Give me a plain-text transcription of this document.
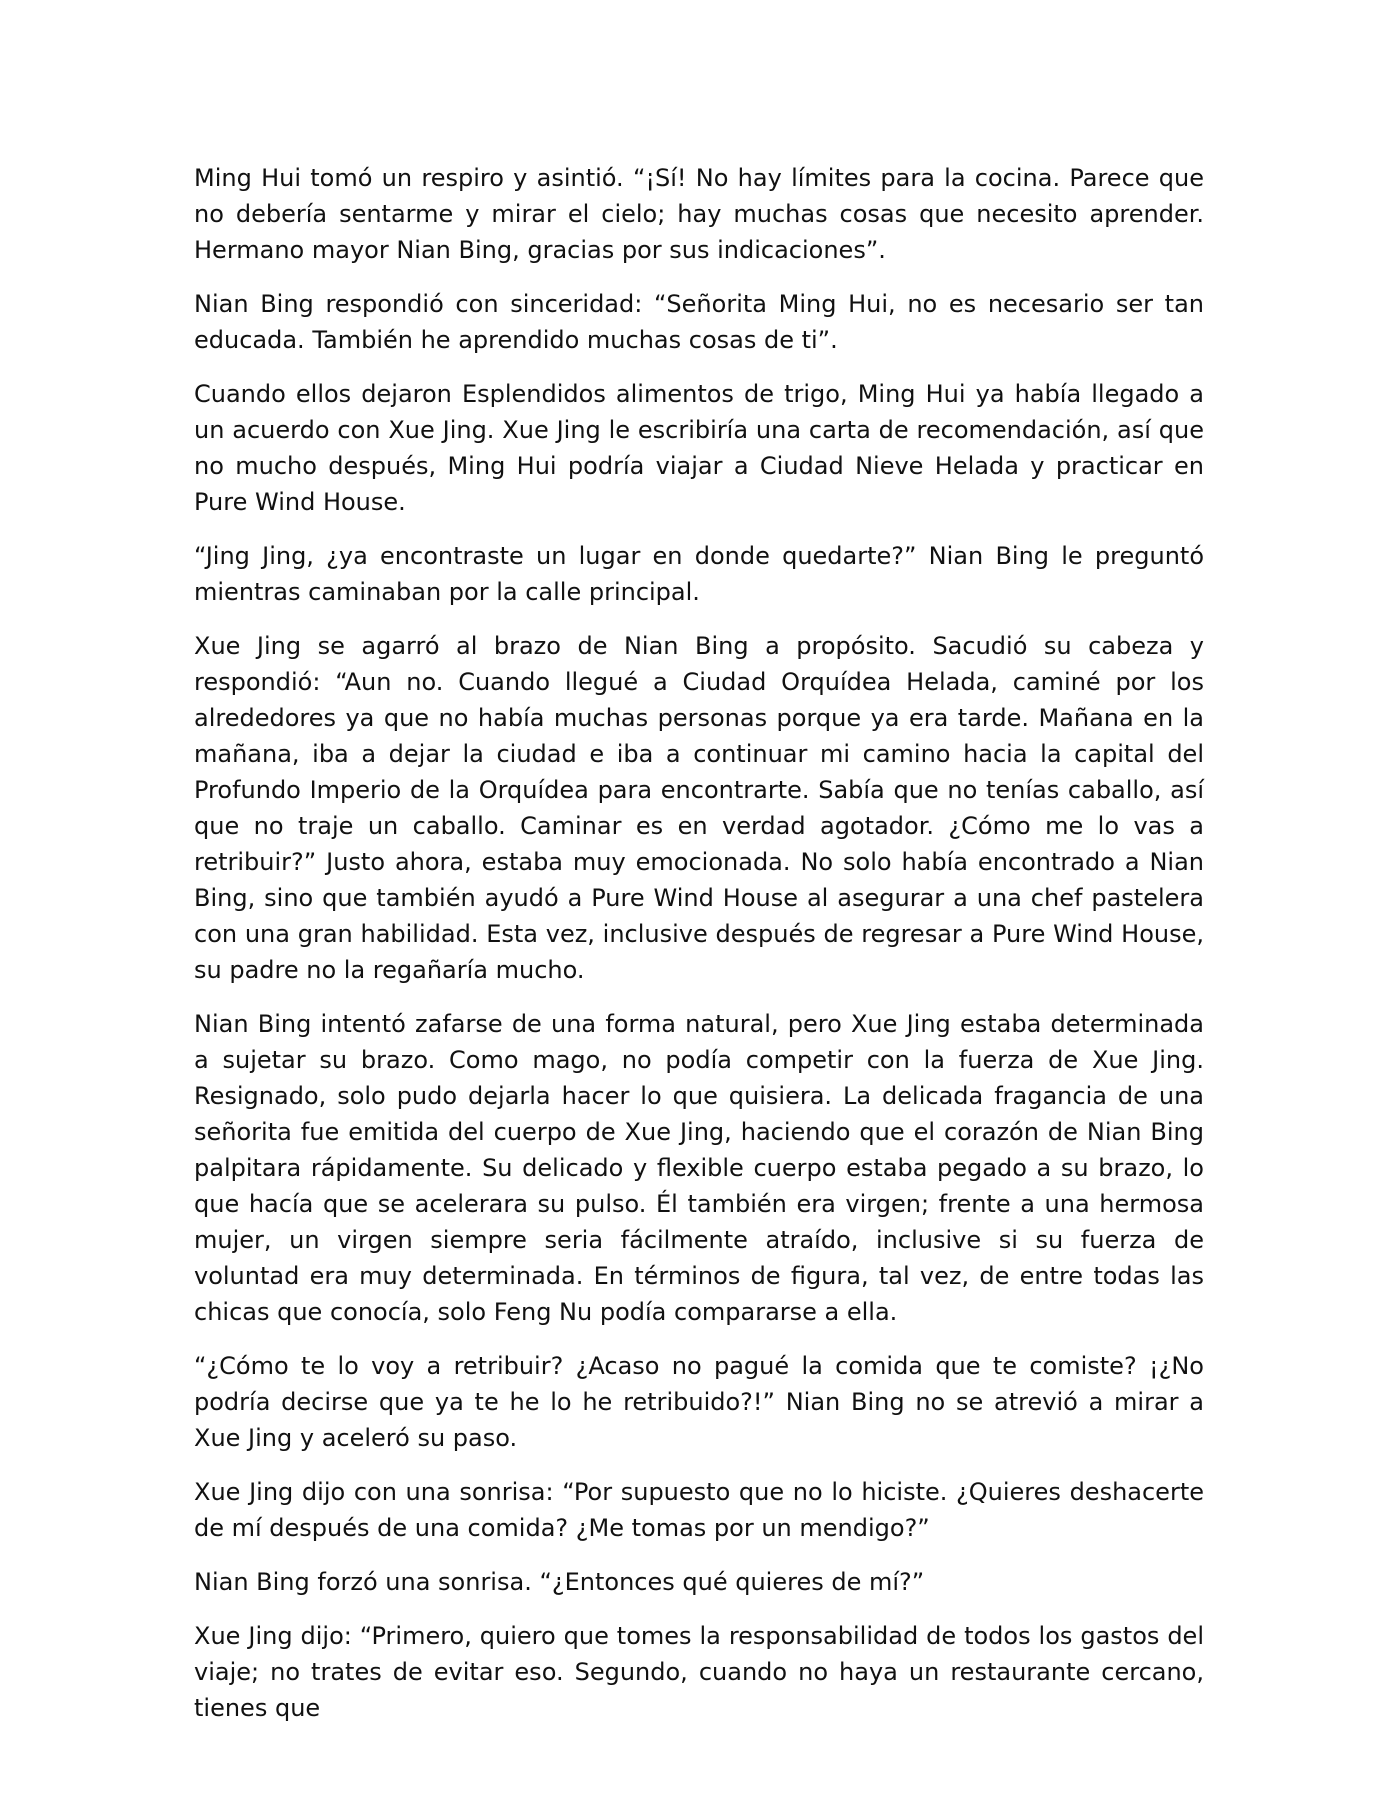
Ming Hui tomó un respiro y asintió. “¡Sí! No hay límites para la cocina. Parece que no debería sentarme y mirar el cielo; hay muchas cosas que necesito aprender. Hermano mayor Nian Bing, gracias por sus indicaciones”.

Nian Bing respondió con sinceridad: “Señorita Ming Hui, no es necesario ser tan educada. También he aprendido muchas cosas de ti”.

Cuando ellos dejaron Esplendidos alimentos de trigo, Ming Hui ya había llegado a un acuerdo con Xue Jing. Xue Jing le escribiría una carta de recomendación, así que no mucho después, Ming Hui podría viajar a Ciudad Nieve Helada y practicar en Pure Wind House.

“Jing Jing, ¿ya encontraste un lugar en donde quedarte?” Nian Bing le preguntó mientras caminaban por la calle principal.

Xue Jing se agarró al brazo de Nian Bing a propósito. Sacudió su cabeza y respondió: “Aun no. Cuando llegué a Ciudad Orquídea Helada, caminé por los alrededores ya que no había muchas personas porque ya era tarde. Mañana en la mañana, iba a dejar la ciudad e iba a continuar mi camino hacia la capital del Profundo Imperio de la Orquídea para encontrarte. Sabía que no tenías caballo, así que no traje un caballo. Caminar es en verdad agotador. ¿Cómo me lo vas a retribuir?” Justo ahora, estaba muy emocionada. No solo había encontrado a Nian Bing, sino que también ayudó a Pure Wind House al asegurar a una chef pastelera con una gran habilidad. Esta vez, inclusive después de regresar a Pure Wind House, su padre no la regañaría mucho.

Nian Bing intentó zafarse de una forma natural, pero Xue Jing estaba determinada a sujetar su brazo. Como mago, no podía competir con la fuerza de Xue Jing. Resignado, solo pudo dejarla hacer lo que quisiera. La delicada fragancia de una señorita fue emitida del cuerpo de Xue Jing, haciendo que el corazón de Nian Bing palpitara rápidamente. Su delicado y flexible cuerpo estaba pegado a su brazo, lo que hacía que se acelerara su pulso. Él también era virgen; frente a una hermosa mujer, un virgen siempre seria fácilmente atraído, inclusive si su fuerza de voluntad era muy determinada. En términos de figura, tal vez, de entre todas las chicas que conocía, solo Feng Nu podía compararse a ella.

“¿Cómo te lo voy a retribuir? ¿Acaso no pagué la comida que te comiste? ¡¿No podría decirse que ya te he lo he retribuido?!” Nian Bing no se atrevió a mirar a Xue Jing y aceleró su paso.

Xue Jing dijo con una sonrisa: “Por supuesto que no lo hiciste. ¿Quieres deshacerte de mí después de una comida? ¿Me tomas por un mendigo?”

Nian Bing forzó una sonrisa. “¿Entonces qué quieres de mí?”

Xue Jing dijo: “Primero, quiero que tomes la responsabilidad de todos los gastos del viaje; no trates de evitar eso. Segundo, cuando no haya un restaurante cercano, tienes que
